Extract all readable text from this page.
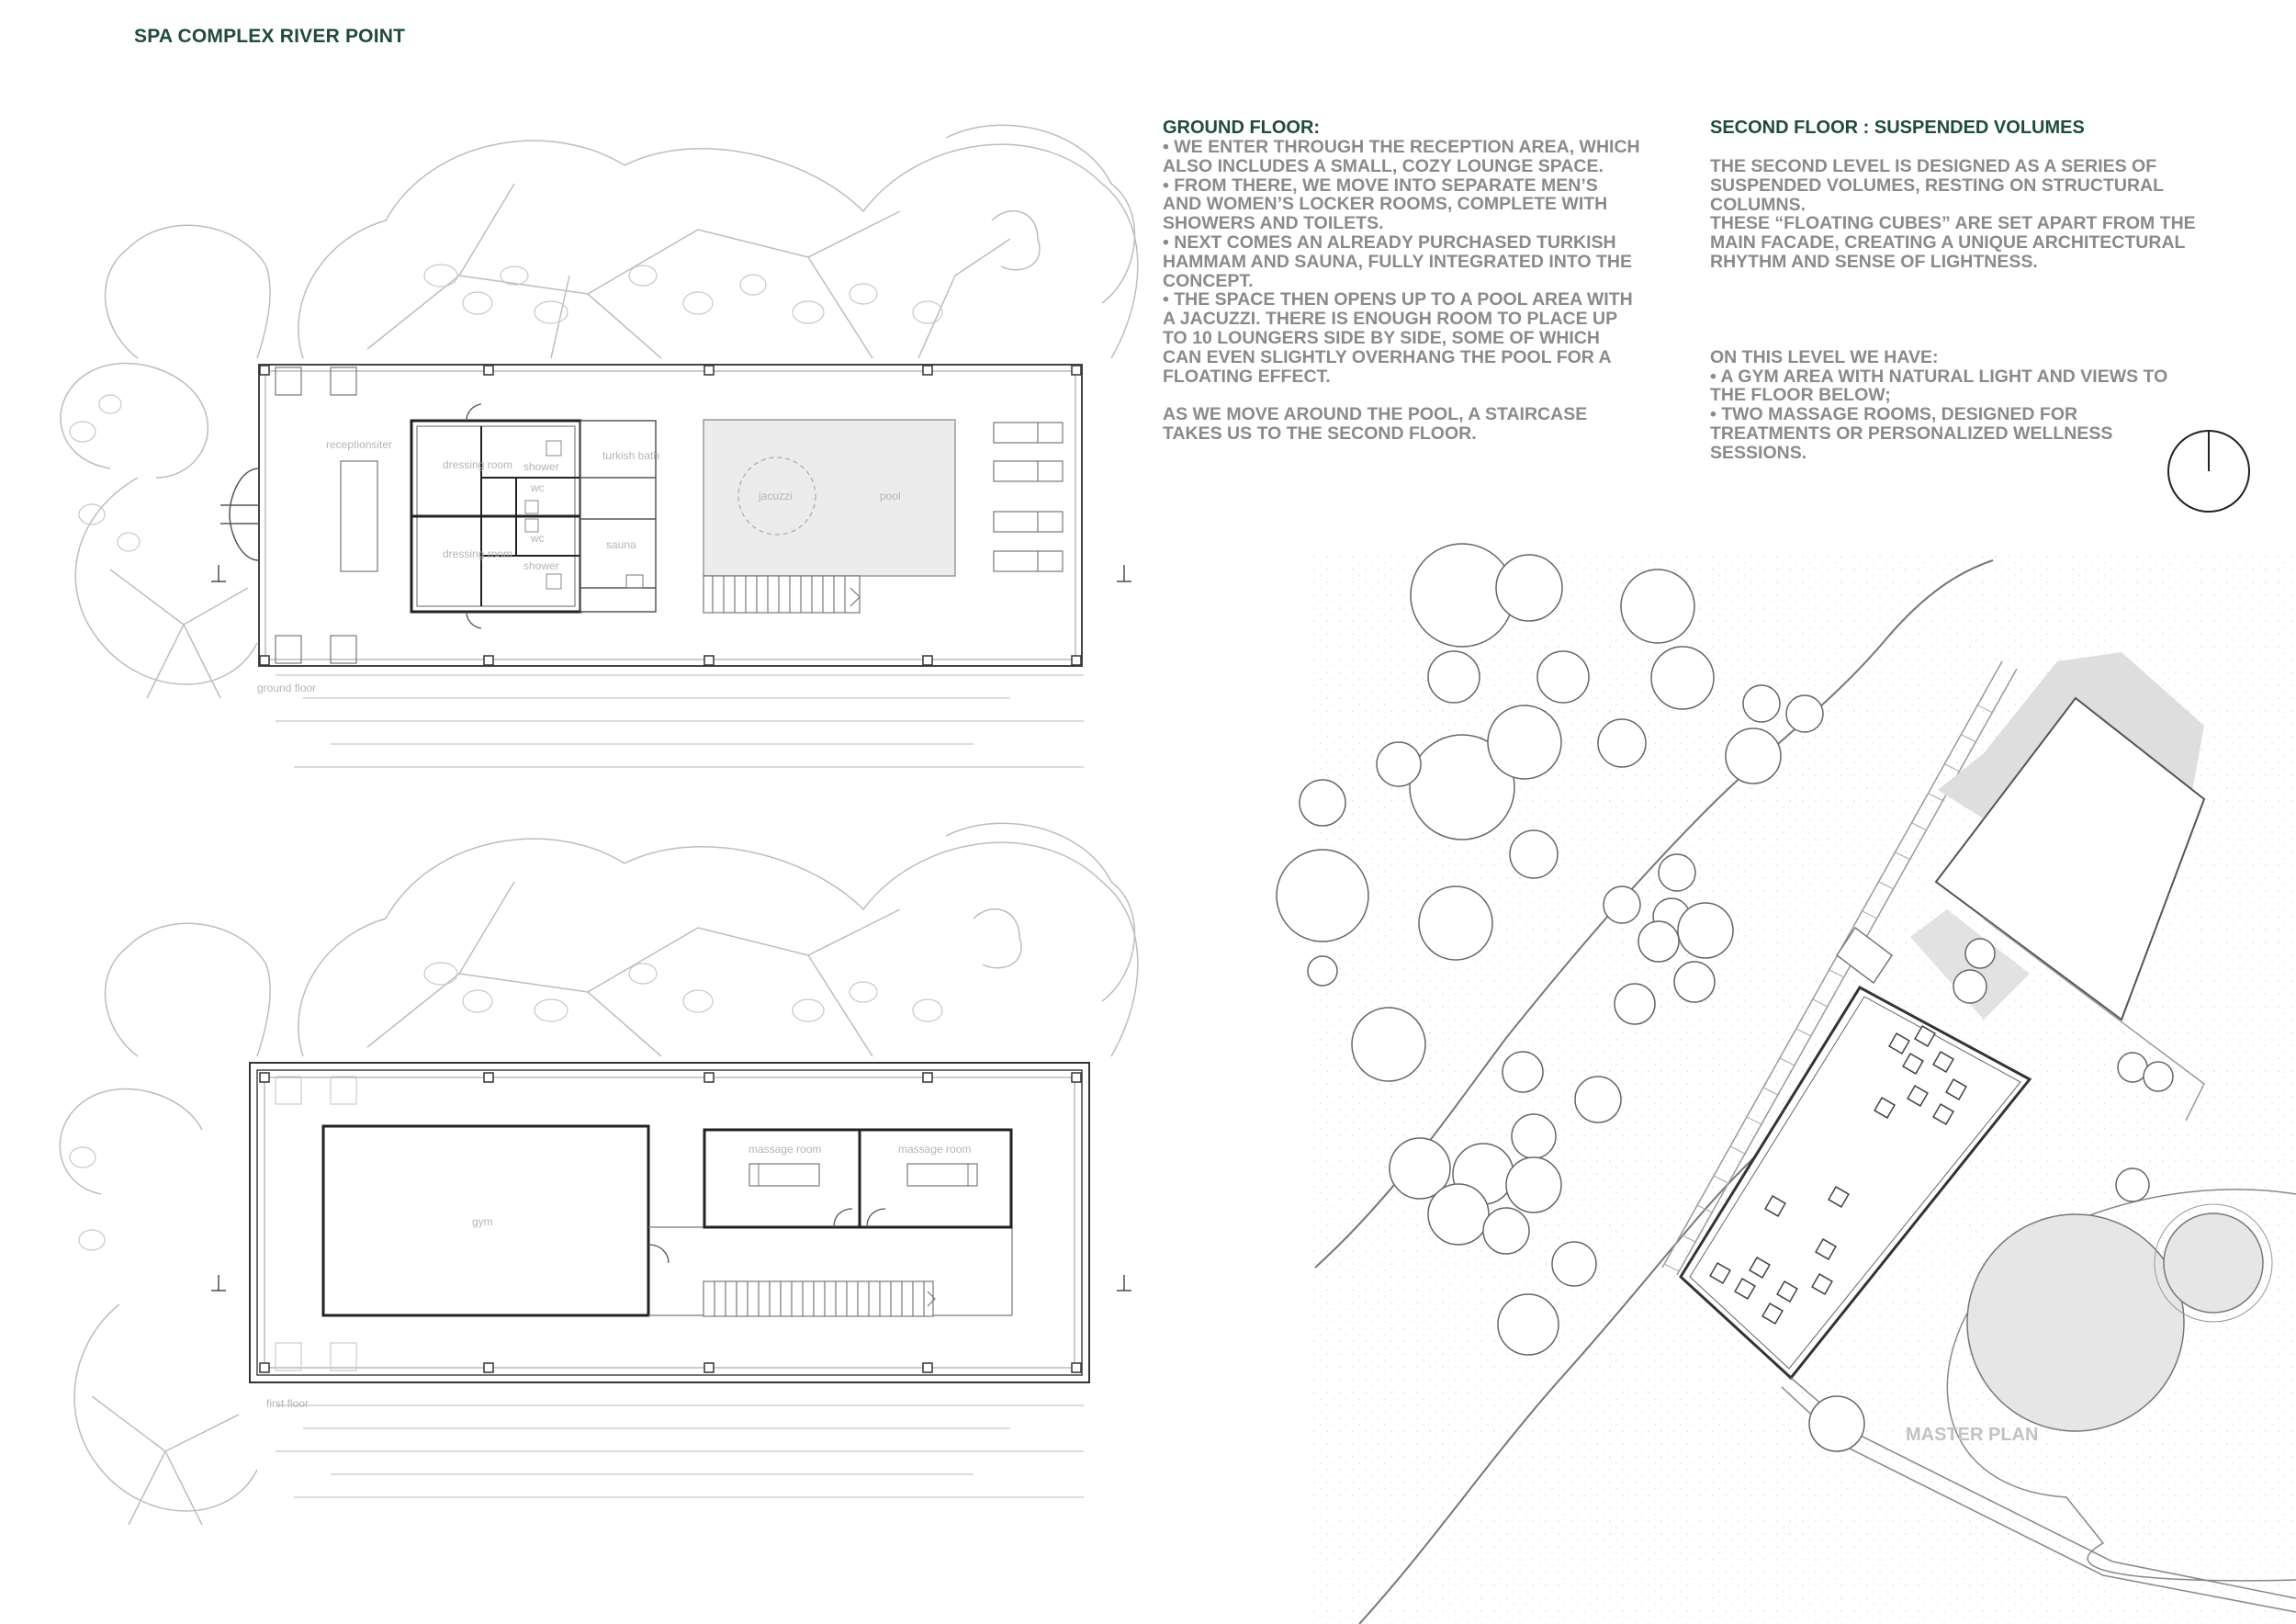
SPA COMPLEX RIVER POINT
GROUND FLOOR:

• WE ENTER THROUGH THE RECEPTION AREA, WHICH ALSO INCLUDES A SMALL, COZY LOUNGE SPACE.

• FROM THERE, WE MOVE INTO SEPARATE MEN’S AND WOMEN’S LOCKER ROOMS, COMPLETE WITH SHOWERS AND TOILETS.

• NEXT COMES AN ALREADY PURCHASED TURKISH HAMMAM AND SAUNA, FULLY INTEGRATED INTO THE CONCEPT.

• THE SPACE THEN OPENS UP TO A POOL AREA WITH A JACUZZI. THERE IS ENOUGH ROOM TO PLACE UP TO 10 LOUNGERS SIDE BY SIDE, SOME OF WHICH CAN EVEN SLIGHTLY OVERHANG THE POOL FOR A FLOATING EFFECT.

AS WE MOVE AROUND THE POOL, A STAIRCASE TAKES US TO THE SECOND FLOOR.

SECOND FLOOR : SUSPENDED VOLUMES

THE SECOND LEVEL IS DESIGNED AS A SERIES OF SUSPENDED VOLUMES, RESTING ON STRUCTURAL COLUMNS.

THESE “FLOATING CUBES” ARE SET APART FROM THE MAIN FACADE, CREATING A UNIQUE ARCHITECTURAL RHYTHM AND SENSE OF LIGHTNESS.

ON THIS LEVEL WE HAVE:

• A GYM AREA WITH NATURAL LIGHT AND VIEWS TO THE FLOOR BELOW;

• TWO MASSAGE ROOMS, DESIGNED FOR TREATMENTS OR PERSONALIZED WELLNESS SESSIONS.

MASTER PLAN
receptionsiter
dressing room
dressing room
shower
shower
wc
wc
turkish bath
sauna
jacuzzi	pool
ground floor
gym
massage room	massage room
first floor
